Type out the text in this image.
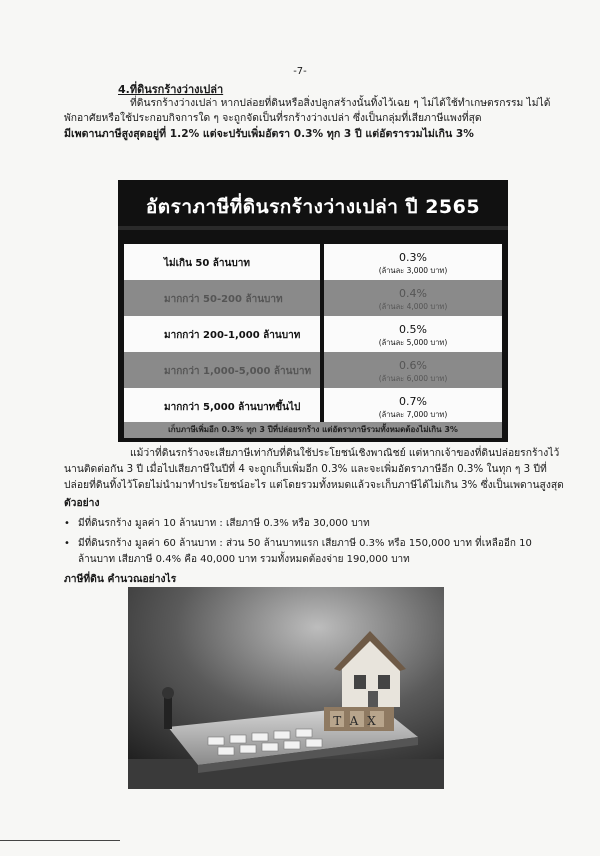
-7-
4.ที่ดินรกร้างว่างเปล่า
ที่ดินรกร้างว่างเปล่า หากปล่อยที่ดินหรือสิ่งปลูกสร้างนั้นทิ้งไว้เฉย ๆ ไม่ได้ใช้ทำเกษตรกรรม ไม่ได้
พักอาศัยหรือใช้ประกอบกิจการใด ๆ จะถูกจัดเป็นที่รกร้างว่างเปล่า ซึ่งเป็นกลุ่มที่เสียภาษีแพงที่สุด
มีเพดานภาษีสูงสุดอยู่ที่ 1.2% แต่จะปรับเพิ่มอัตรา 0.3% ทุก 3 ปี แต่อัตรารวมไม่เกิน 3%
อัตราภาษีที่ดินรกร้างว่างเปล่า ปี 2565
ไม่เกิน 50 ล้านบาท	0.3%
(ล้านละ 3,000 บาท)
มากกว่า 50-200 ล้านบาท	0.4%
(ล้านละ 4,000 บาท)
มากกว่า 200-1,000 ล้านบาท	0.5%
(ล้านละ 5,000 บาท)
มากกว่า 1,000-5,000 ล้านบาท	0.6%
(ล้านละ 6,000 บาท)
มากกว่า 5,000 ล้านบาทขึ้นไป	0.7%
(ล้านละ 7,000 บาท)
เก็บภาษีเพิ่มอีก 0.3% ทุก 3 ปีที่ปล่อยรกร้าง แต่อัตราภาษีรวมทั้งหมดต้องไม่เกิน 3%
แม้ว่าที่ดินรกร้างจะเสียภาษีเท่ากับที่ดินใช้ประโยชน์เชิงพาณิชย์ แต่หากเจ้าของที่ดินปล่อยรกร้างไว้
นานติดต่อกัน 3 ปี เมื่อไปเสียภาษีในปีที่ 4 จะถูกเก็บเพิ่มอีก 0.3% และจะเพิ่มอัตราภาษีอีก 0.3% ในทุก ๆ 3 ปีที่
ปล่อยที่ดินทิ้งไว้โดยไม่นำมาทำประโยชน์อะไร แต่โดยรวมทั้งหมดแล้วจะเก็บภาษีได้ไม่เกิน 3% ซึ่งเป็นเพดานสูงสุด
ตัวอย่าง
• มีที่ดินรกร้าง มูลค่า 10 ล้านบาท : เสียภาษี 0.3% หรือ 30,000 บาท
• มีที่ดินรกร้าง มูลค่า 60 ล้านบาท : ส่วน 50 ล้านบาทแรก เสียภาษี 0.3% หรือ 150,000 บาท ที่เหลืออีก 10
ล้านบาท เสียภาษี 0.4% คือ 40,000 บาท รวมทั้งหมดต้องจ่าย 190,000 บาท
ภาษีที่ดิน คำนวณอย่างไร
TAX
